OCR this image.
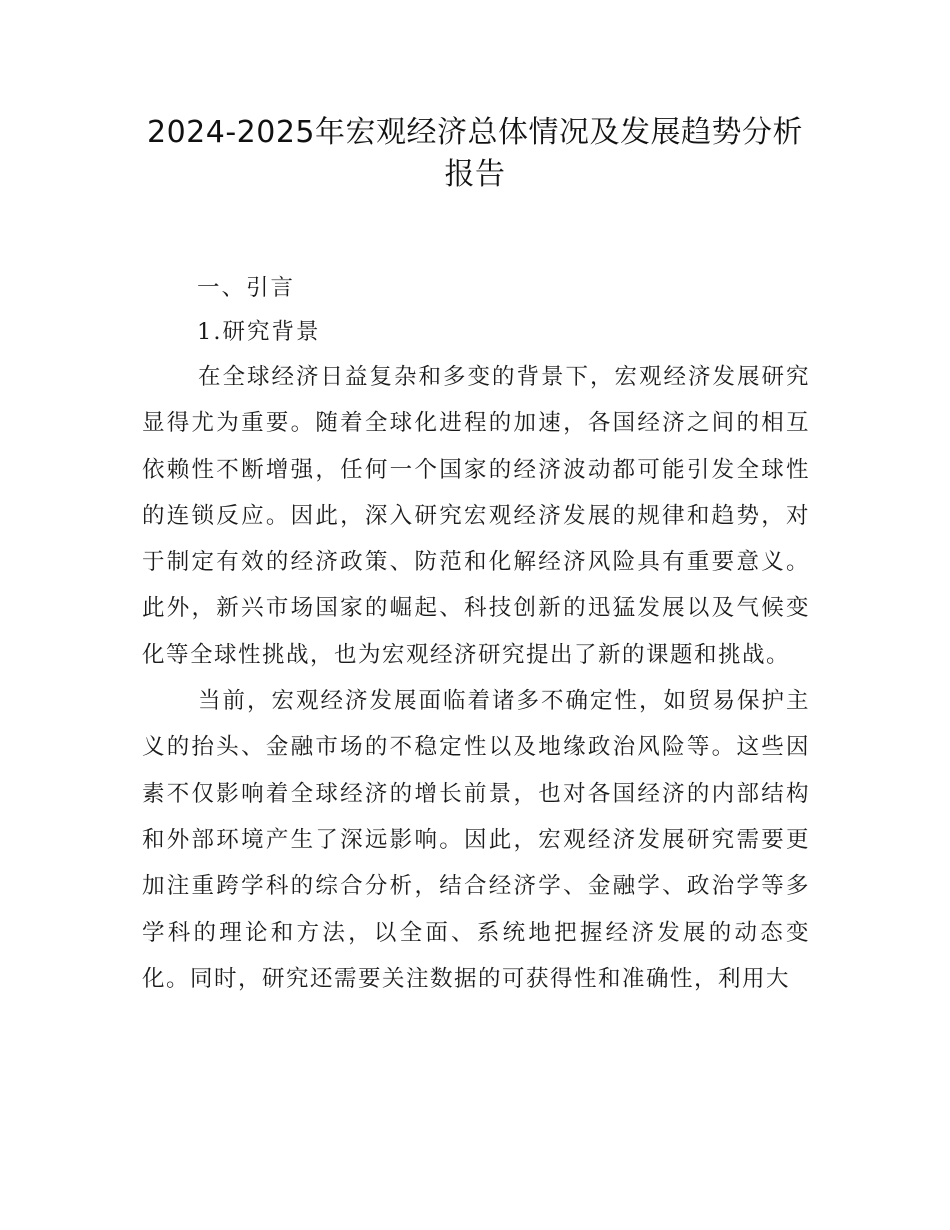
2024-2025年宏观经济总体情况及发展趋势分析
报告
一、引言
1.研究背景

在全球经济日益复杂和多变的背景下，宏观经济发展研究显得尤为重要。随着全球化进程的加速，各国经济之间的相互依赖性不断增强，任何一个国家的经济波动都可能引发全球性的连锁反应。因此，深入研究宏观经济发展的规律和趋势，对于制定有效的经济政策、防范和化解经济风险具有重要意义。此外，新兴市场国家的崛起、科技创新的迅猛发展以及气候变化等全球性挑战，也为宏观经济研究提出了新的课题和挑战。

当前，宏观经济发展面临着诸多不确定性，如贸易保护主义的抬头、金融市场的不稳定性以及地缘政治风险等。这些因素不仅影响着全球经济的增长前景，也对各国经济的内部结构和外部环境产生了深远影响。因此，宏观经济发展研究需要更加注重跨学科的综合分析，结合经济学、金融学、政治学等多学科的理论和方法，以全面、系统地把握经济发展的动态变化。同时，研究还需要关注数据的可获得性和准确性，利用大
